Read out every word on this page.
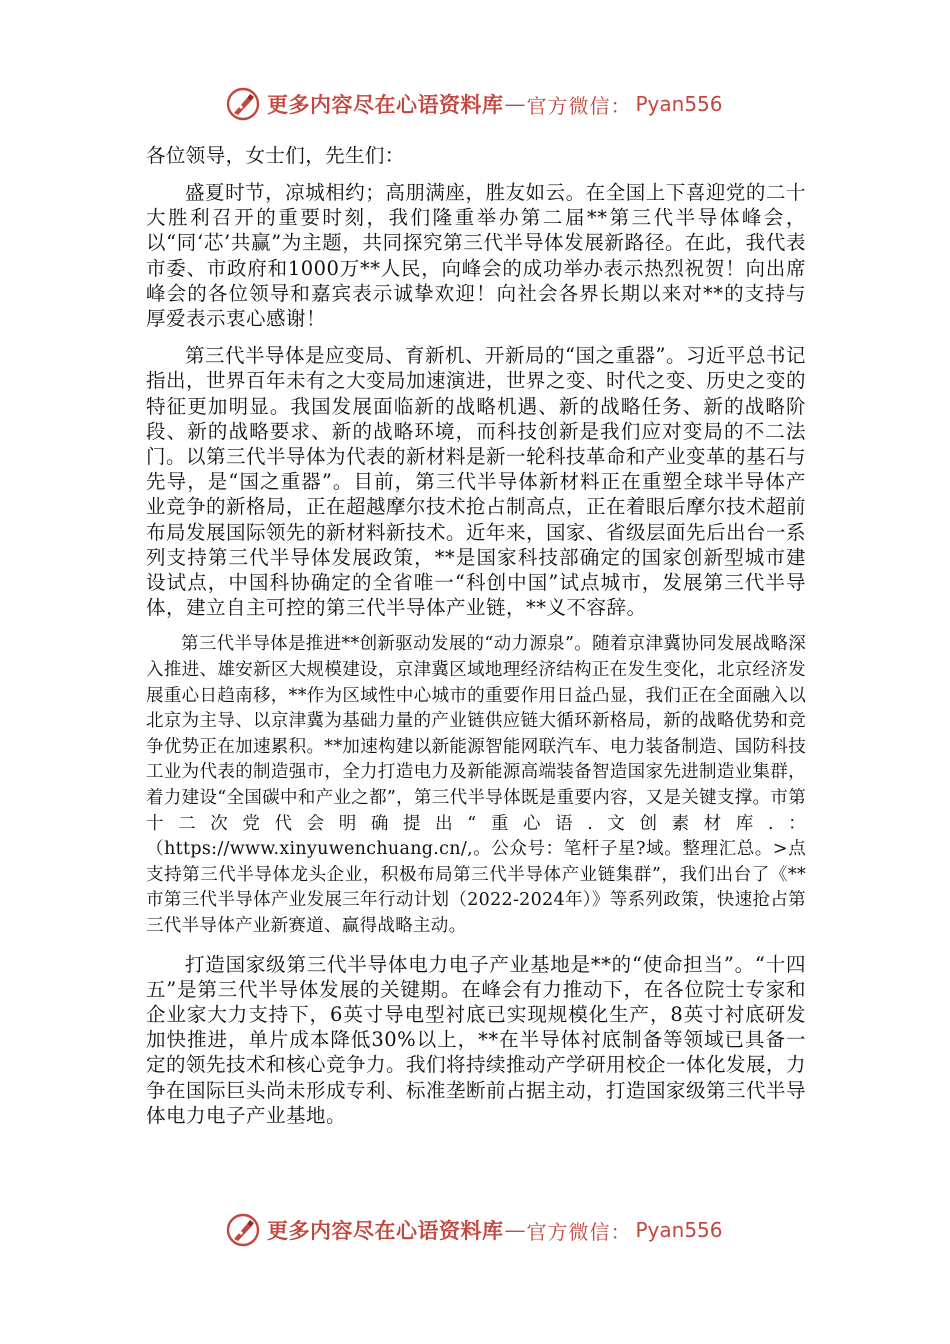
更多内容尽在心语资料库 — 官方微信： Pyan556

各位领导，女士们，先生们：

盛夏时节，凉城相约；高朋满座，胜友如云。在全国上下喜迎党的二十大胜利召开的重要时刻，我们隆重举办第二届**第三代半导体峰会，以“同‘芯’共赢”为主题，共同探究第三代半导体发展新路径。在此，我代表市委、市政府和1000万**人民，向峰会的成功举办表示热烈祝贺！向出席峰会的各位领导和嘉宾表示诚挚欢迎！向社会各界长期以来对**的支持与厚爱表示衷心感谢！

第三代半导体是应变局、育新机、开新局的“国之重器”。习近平总书记指出，世界百年未有之大变局加速演进，世界之变、时代之变、历史之变的特征更加明显。我国发展面临新的战略机遇、新的战略任务、新的战略阶段、新的战略要求、新的战略环境，而科技创新是我们应对变局的不二法门。以第三代半导体为代表的新材料是新一轮科技革命和产业变革的基石与先导，是“国之重器”。目前，第三代半导体新材料正在重塑全球半导体产业竞争的新格局，正在超越摩尔技术抢占制高点，正在着眼后摩尔技术超前布局发展国际领先的新材料新技术。近年来，国家、省级层面先后出台一系列支持第三代半导体发展政策，**是国家科技部确定的国家创新型城市建设试点，中国科协确定的全省唯一“科创中国”试点城市，发展第三代半导体，建立自主可控的第三代半导体产业链，**义不容辞。

第三代半导体是推进**创新驱动发展的“动力源泉”。随着京津冀协同发展战略深入推进、雄安新区大规模建设，京津冀区域地理经济结构正在发生变化，北京经济发展重心日趋南移，**作为区域性中心城市的重要作用日益凸显，我们正在全面融入以北京为主导、以京津冀为基础力量的产业链供应链大循环新格局，新的战略优势和竞争优势正在加速累积。**加速构建以新能源智能网联汽车、电力装备制造、国防科技工业为代表的制造强市，全力打造电力及新能源高端装备智造国家先进制造业集群，着力建设“全国碳中和产业之都”，第三代半导体既是重要内容，又是关键支撑。市第十二次党代会明确提出“重心语.文创素材库.：（https://www.xinyuwenchuang.cn/,。公众号：笔杆子星?域。整理汇总。>点支持第三代半导体龙头企业，积极布局第三代半导体产业链集群”，我们出台了《**市第三代半导体产业发展三年行动计划（2022-2024年）》等系列政策，快速抢占第三代半导体产业新赛道、赢得战略主动。

打造国家级第三代半导体电力电子产业基地是**的“使命担当”。“十四五”是第三代半导体发展的关键期。在峰会有力推动下，在各位院士专家和企业家大力支持下，6英寸导电型衬底已实现规模化生产，8英寸衬底研发加快推进，单片成本降低30%以上，**在半导体衬底制备等领域已具备一定的领先技术和核心竞争力。我们将持续推动产学研用校企一体化发展，力争在国际巨头尚未形成专利、标准垄断前占据主动，打造国家级第三代半导体电力电子产业基地。

更多内容尽在心语资料库 — 官方微信： Pyan556
